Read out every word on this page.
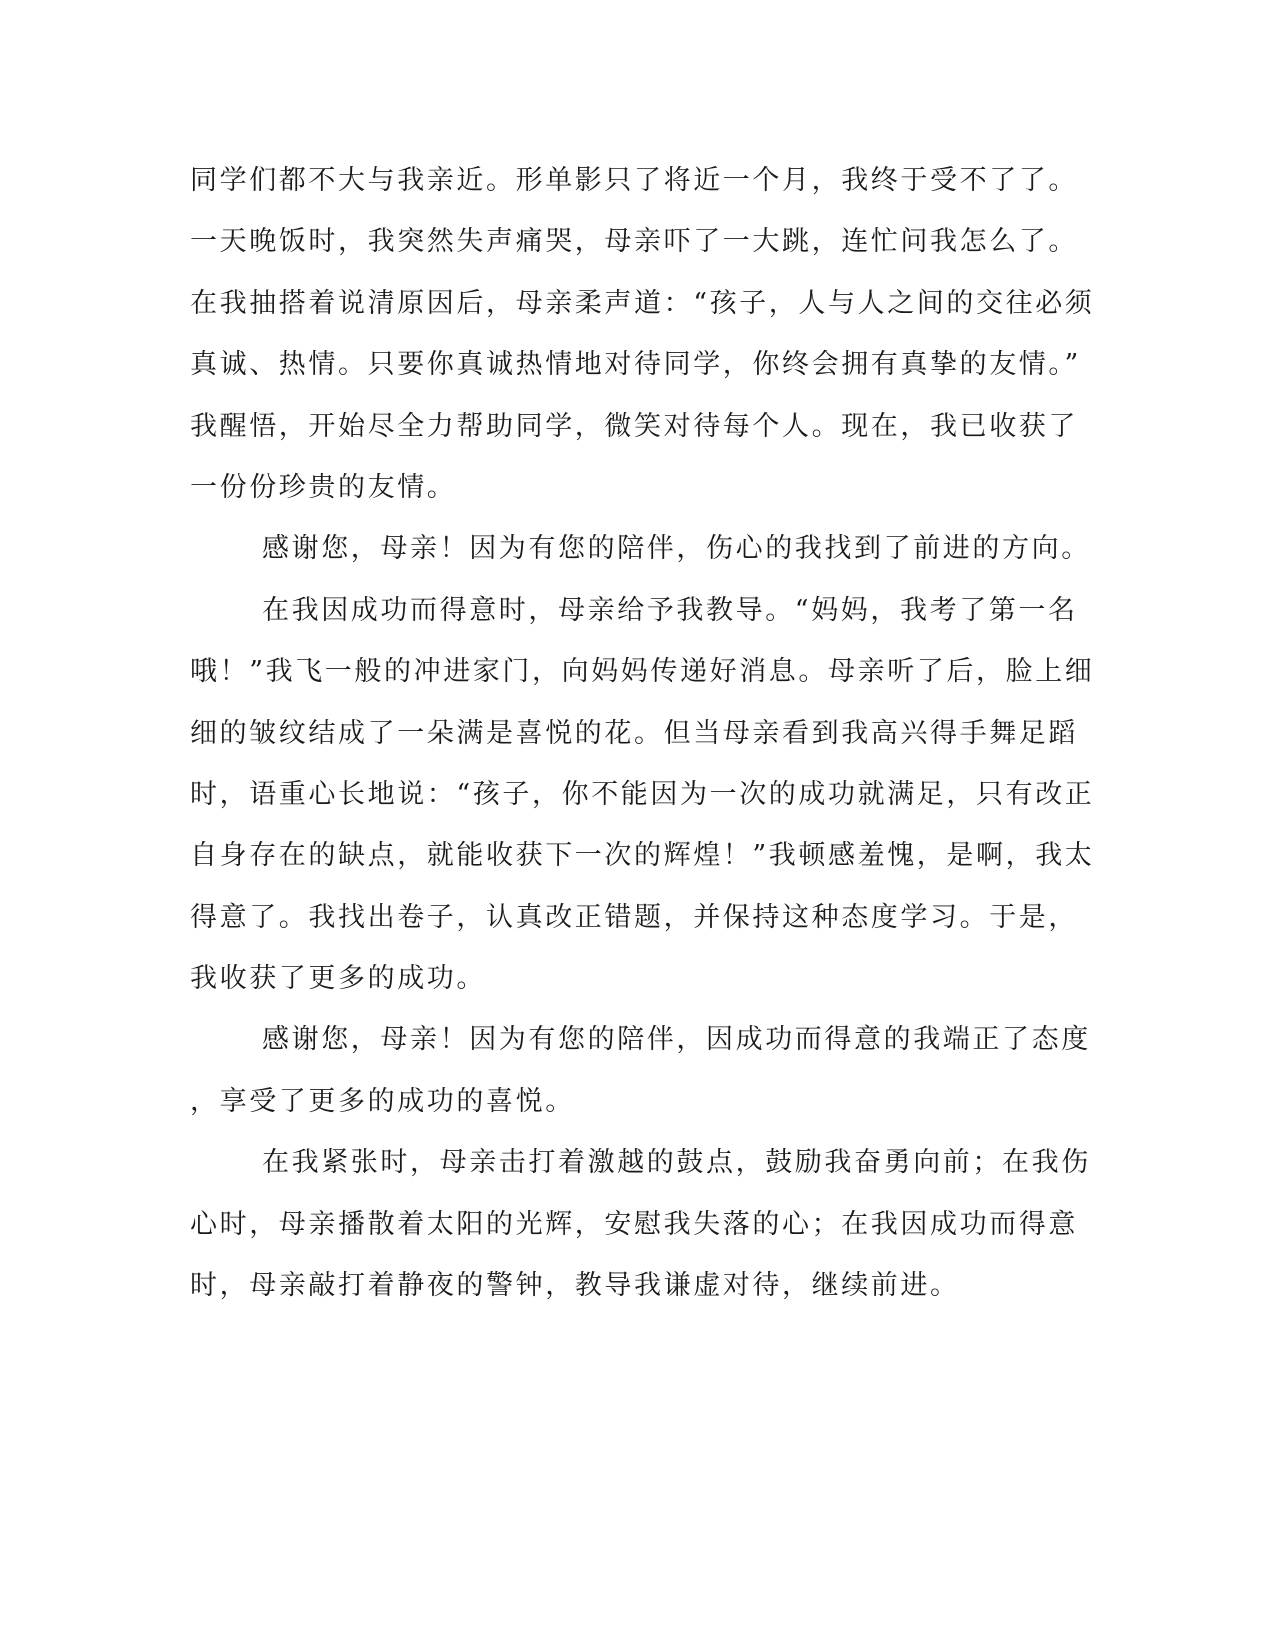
同学们都不大与我亲近。形单影只了将近一个月，我终于受不了了。
一天晚饭时，我突然失声痛哭，母亲吓了一大跳，连忙问我怎么了。
在我抽搭着说清原因后，母亲柔声道：“孩子，人与人之间的交往必须
真诚、热情。只要你真诚热情地对待同学，你终会拥有真挚的友情。”
我醒悟，开始尽全力帮助同学，微笑对待每个人。现在，我已收获了
一份份珍贵的友情。
感谢您，母亲！因为有您的陪伴，伤心的我找到了前进的方向。
在我因成功而得意时，母亲给予我教导。“妈妈，我考了第一名
哦！”我飞一般的冲进家门，向妈妈传递好消息。母亲听了后，脸上细
细的皱纹结成了一朵满是喜悦的花。但当母亲看到我高兴得手舞足蹈
时，语重心长地说：“孩子，你不能因为一次的成功就满足，只有改正
自身存在的缺点，就能收获下一次的辉煌！”我顿感羞愧，是啊，我太
得意了。我找出卷子，认真改正错题，并保持这种态度学习。于是，
我收获了更多的成功。
感谢您，母亲！因为有您的陪伴，因成功而得意的我端正了态度
，享受了更多的成功的喜悦。
在我紧张时，母亲击打着激越的鼓点，鼓励我奋勇向前；在我伤
心时，母亲播散着太阳的光辉，安慰我失落的心；在我因成功而得意
时，母亲敲打着静夜的警钟，教导我谦虚对待，继续前进。
